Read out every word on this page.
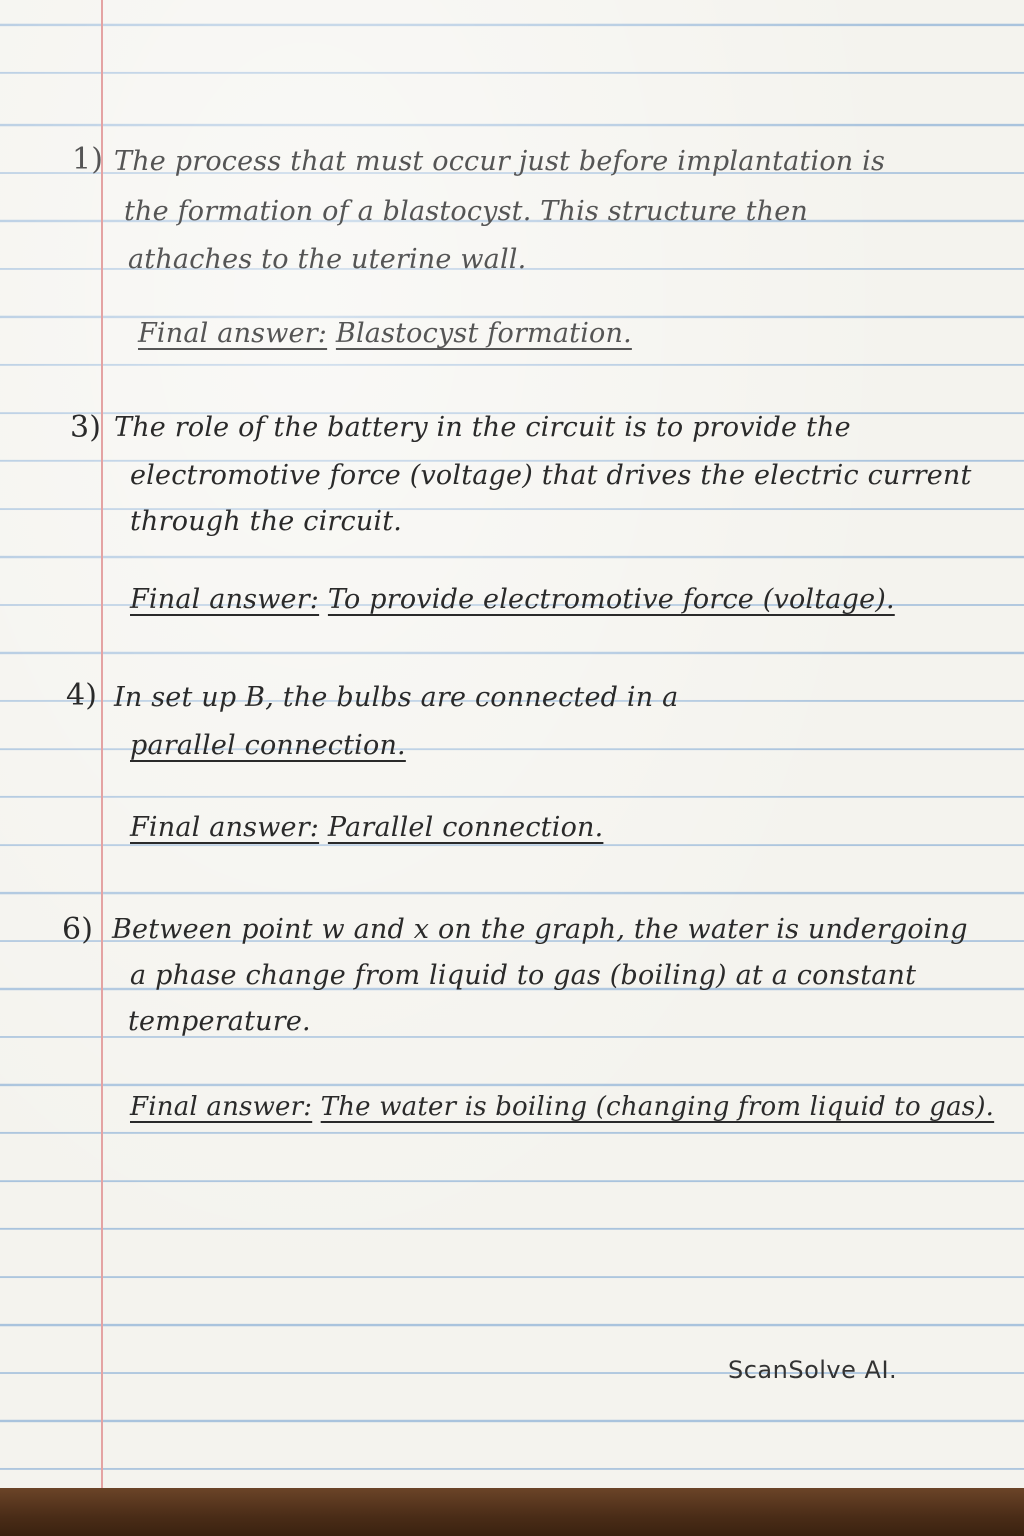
1) The process that must occur just before implantation is
the formation of a blastocyst. This structure then
athaches to the uterine wall.
Final answer: Blastocyst formation.
3) The role of the battery in the circuit is to provide the
electromotive force (voltage) that drives the electric current
through the circuit.
Final answer: To provide electromotive force (voltage).
4) In set up B, the bulbs are connected in a
parallel connection.
Final answer: Parallel connection.
6) Between point w and x on the graph, the water is undergoing
a phase change from liquid to gas (boiling) at a constant
temperature.
Final answer: The water is boiling (changing from liquid to gas).
ScanSolve AI.
